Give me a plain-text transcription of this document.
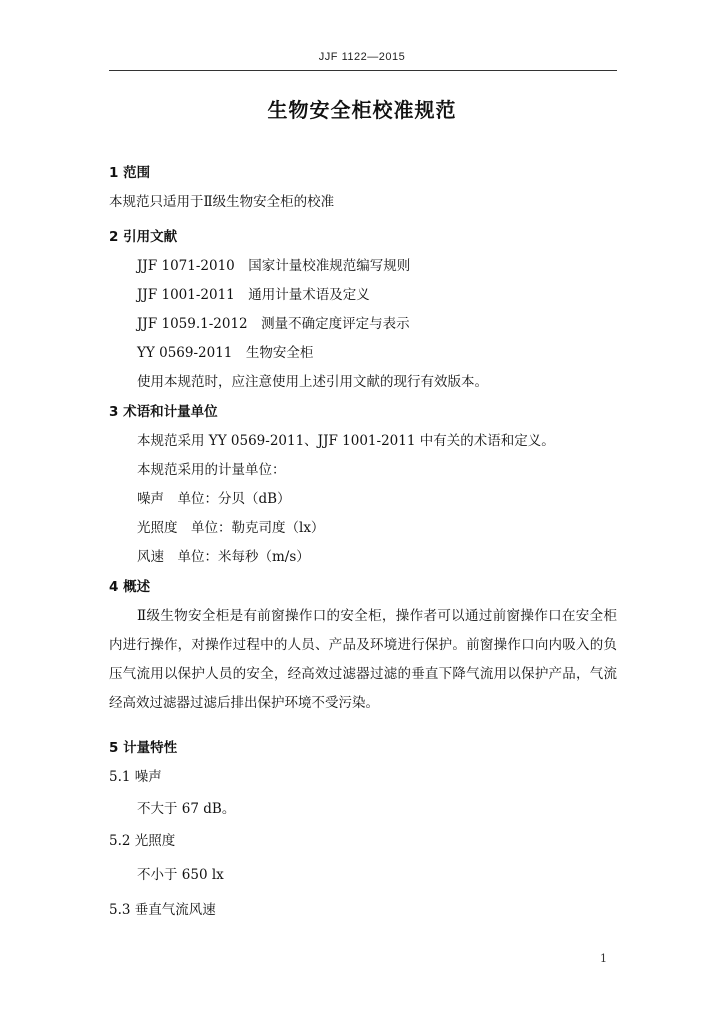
JJF 1122—2015
生物安全柜校准规范
1 范围
本规范只适用于Ⅱ级生物安全柜的校准
2 引用文献
JJF 1071-2010　国家计量校准规范编写规则
JJF 1001-2011　通用计量术语及定义
JJF 1059.1-2012　测量不确定度评定与表示
YY 0569-2011　生物安全柜
使用本规范时，应注意使用上述引用文献的现行有效版本。
3 术语和计量单位
本规范采用 YY 0569-2011、JJF 1001-2011 中有关的术语和定义。
本规范采用的计量单位：
噪声　单位：分贝（dB）
光照度　单位：勒克司度（lx）
风速　单位：米每秒（m/s）
4 概述
Ⅱ级生物安全柜是有前窗操作口的安全柜，操作者可以通过前窗操作口在安全柜内进行操作，对操作过程中的人员、产品及环境进行保护。前窗操作口向内吸入的负压气流用以保护人员的安全，经高效过滤器过滤的垂直下降气流用以保护产品，气流经高效过滤器过滤后排出保护环境不受污染。
5 计量特性
5.1 噪声
不大于 67 dB。
5.2 光照度
不小于 650 lx
5.3 垂直气流风速
1
